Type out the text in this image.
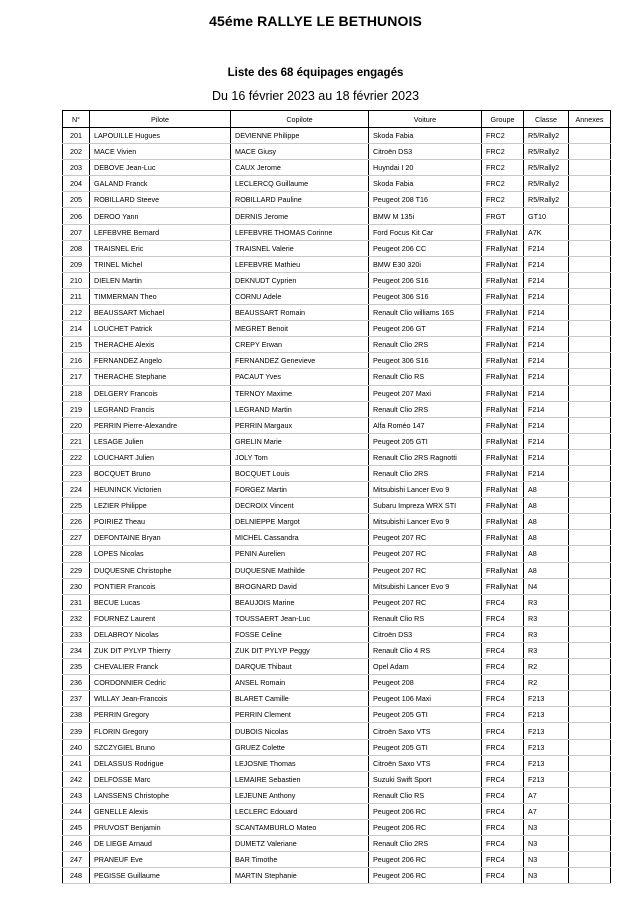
45éme RALLYE LE BETHUNOIS
Liste des 68 équipages engagés
Du 16 février 2023 au 18 février 2023
N°	Pilote	Copilote	Voiture	Groupe	Classe	Annexes
201	LAPOUILLE Hugues	DEVIENNE Philippe	Skoda Fabia	FRC2	R5/Rally2	
202	MACE Vivien	MACE Giusy	Citroën DS3	FRC2	R5/Rally2	
203	DEBOVE Jean-Luc	CAUX Jerome	Huyndai I 20	FRC2	R5/Rally2	
204	GALAND Franck	LECLERCQ Guillaume	Skoda Fabia	FRC2	R5/Rally2	
205	ROBILLARD Steeve	ROBILLARD Pauline	Peugeot 208 T16	FRC2	R5/Rally2	
206	DEROO Yann	DERNIS Jerome	BMW M 135i	FRGT	GT10	
207	LEFEBVRE Bernard	LEFEBVRE THOMAS Corinne	Ford Focus Kit Car	FRallyNat	A7K	
208	TRAISNEL Eric	TRAISNEL Valerie	Peugeot 206 CC	FRallyNat	F214	
209	TRINEL Michel	LEFEBVRE Mathieu	BMW E30 320i	FRallyNat	F214	
210	DIELEN Martin	DEKNUDT Cyprien	Peugeot 206 S16	FRallyNat	F214	
211	TIMMERMAN Theo	CORNU Adele	Peugeot 306 S16	FRallyNat	F214	
212	BEAUSSART Michael	BEAUSSART Romain	Renault Clio williams 16S	FRallyNat	F214	
214	LOUCHET Patrick	MEGRET Benoit	Peugeot 206 GT	FRallyNat	F214	
215	THERACHE Alexis	CREPY Erwan	Renault Clio 2RS	FRallyNat	F214	
216	FERNANDEZ Angelo	FERNANDEZ Genevieve	Peugeot 306 S16	FRallyNat	F214	
217	THERACHE Stephane	PACAUT Yves	Renault Clio RS	FRallyNat	F214	
218	DELGERY Francois	TERNOY Maxime	Peugeot 207 Maxi	FRallyNat	F214	
219	LEGRAND Francis	LEGRAND Martin	Renault Clio 2RS	FRallyNat	F214	
220	PERRIN Pierre-Alexandre	PERRIN Margaux	Alfa Roméo 147	FRallyNat	F214	
221	LESAGE Julien	GRELIN Marie	Peugeot 205 GTI	FRallyNat	F214	
222	LOUCHART Julien	JOLY Tom	Renault Clio 2RS Ragnotti	FRallyNat	F214	
223	BOCQUET Bruno	BOCQUET Louis	Renault Clio 2RS	FRallyNat	F214	
224	HEUNINCK Victorien	FORGEZ Martin	Mitsubishi Lancer Evo 9	FRallyNat	A8	
225	LEZIER Philippe	DECROIX Vincent	Subaru Impreza WRX STI	FRallyNat	A8	
226	POIRIEZ Theau	DELNIEPPE Margot	Mitsubishi Lancer Evo 9	FRallyNat	A8	
227	DEFONTAINE Bryan	MICHEL Cassandra	Peugeot 207 RC	FRallyNat	A8	
228	LOPES Nicolas	PENIN Aurelien	Peugeot 207 RC	FRallyNat	A8	
229	DUQUESNE Christophe	DUQUESNE Mathilde	Peugeot 207 RC	FRallyNat	A8	
230	PONTIER Francois	BROGNARD David	Mitsubishi Lancer Evo 9	FRallyNat	N4	
231	BECUE Lucas	BEAUJOIS Marine	Peugeot 207 RC	FRC4	R3	
232	FOURNEZ Laurent	TOUSSAERT Jean-Luc	Renault Clio RS	FRC4	R3	
233	DELABROY Nicolas	FOSSE Celine	Citroën DS3	FRC4	R3	
234	ZUK DIT PYLYP Thierry	ZUK DIT PYLYP Peggy	Renault Clio 4 RS	FRC4	R3	
235	CHEVALIER Franck	DARQUE Thibaut	Opel Adam	FRC4	R2	
236	CORDONNIER Cedric	ANSEL Romain	Peugeot 208	FRC4	R2	
237	WILLAY Jean-Francois	BLARET Camille	Peugeot 106 Maxi	FRC4	F213	
238	PERRIN Gregory	PERRIN Clement	Peugeot 205 GTI	FRC4	F213	
239	FLORIN Gregory	DUBOIS Nicolas	Citroën Saxo VTS	FRC4	F213	
240	SZCZYGIEL Bruno	GRUEZ Colette	Peugeot 205 GTI	FRC4	F213	
241	DELASSUS Rodrigue	LEJOSNE Thomas	Citroën Saxo VTS	FRC4	F213	
242	DELFOSSE Marc	LEMAIRE Sebastien	Suzuki Swift Sport	FRC4	F213	
243	LANSSENS Christophe	LEJEUNE Anthony	Renault Clio RS	FRC4	A7	
244	GENELLE Alexis	LECLERC Edouard	Peugeot 206 RC	FRC4	A7	
245	PRUVOST Benjamin	SCANTAMBURLO Mateo	Peugeot 206 RC	FRC4	N3	
246	DE LIEGE Arnaud	DUMETZ Valeriane	Renault Clio 2RS	FRC4	N3	
247	PRANEUF Eve	BAR Timothe	Peugeot 206 RC	FRC4	N3	
248	PEGISSE Guillaume	MARTIN Stephanie	Peugeot 206 RC	FRC4	N3	
